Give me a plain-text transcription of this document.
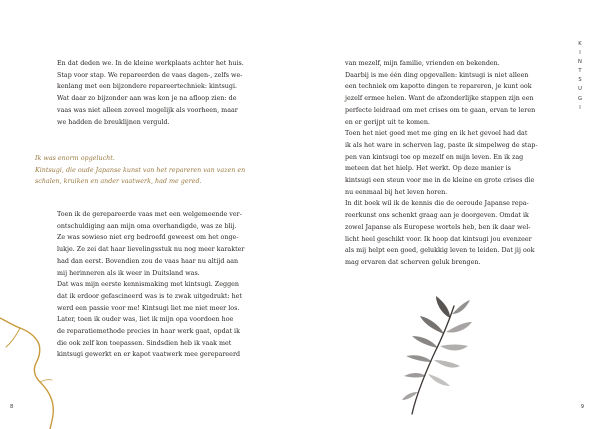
En dat deden we. In de kleine werkplaats achter het huis.
Stap voor stap. We repareerden de vaas dagen-, zelfs we-
kenlang met een bijzondere repareertechniek: kintsugi.
Wat daar zo bijzonder aan was kon je na afloop zien: de
vaas was niet alleen zoveel mogelijk als voorheen, maar
we hadden de breuklijnen verguld.
Ik was enorm opgelucht.
Kintsugi, die oude Japanse kunst van het repareren van vazen en
schalen, kruiken en ander vaatwerk, had me gered.
Toen ik de gerepareerde vaas met een welgemeende ver-
ontschuldiging aan mijn oma overhandigde, was ze blij.
Ze was sowieso niet erg bedroefd geweest om het onge-
lukje. Ze zei dat haar lievelingsstuk nu nog meer karakter
had dan eerst. Bovendien zou de vaas haar nu altijd aan
mij herinneren als ik weer in Duitsland was.
Dat was mijn eerste kennismaking met kintsugi. Zeggen
dat ik erdoor gefascineerd was is te zwak uitgedrukt: het
werd een passie voor me! Kintsugi liet me niet meer los.
Later, toen ik ouder was, liet ik mijn opa voordoen hoe
de reparatiemethode precies in haar werk gaat, opdat ik
die ook zelf kon toepassen. Sindsdien heb ik vaak met
kintsugi gewerkt en er kapot vaatwerk mee gerepareerd
8
van mezelf, mijn familie, vrienden en bekenden.
Daarbij is me één ding opgevallen: kintsugi is niet alleen
een techniek om kapotte dingen te repareren, je kunt ook
jezelf ermee helen. Want de afzonderlijke stappen zijn een
perfecte leidraad om met crises om te gaan, ervan te leren
en er gerijpt uit te komen.
Toen het niet goed met me ging en ik het gevoel had dat
ik als het ware in scherven lag, paste ik simpelweg de stap-
pen van kintsugi toe op mezelf en mijn leven. En ik zag
meteen dat het hielp. Het werkt. Op deze manier is
kintsugi een steun voor me in de kleine en grote crises die
nu eenmaal bij het leven horen.
In dit boek wil ik de kennis die de oeroude Japanse repa-
reerkunst ons schenkt graag aan je doorgeven. Omdat ik
zowel Japanse als Europese wortels heb, ben ik daar wel-
licht heel geschikt voor. Ik hoop dat kintsugi jou evenzeer
als mij helpt een goed, gelukkig leven te leiden. Dat jij ook
mag ervaren dat scherven geluk brengen.
K
I
N
T
S
U
G
I
9
